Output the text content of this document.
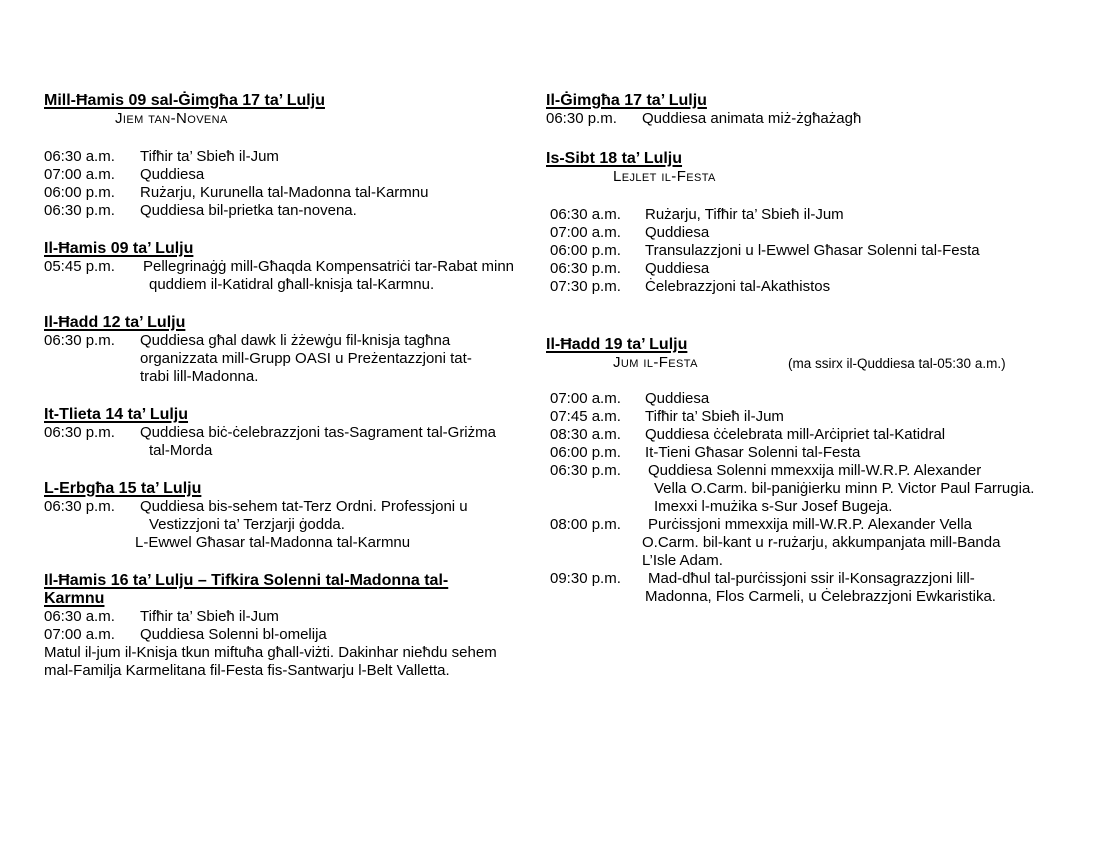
Mill-Ħamis 09 sal-Ġimgħa 17 ta’ Lulju
Jiem tan-Novena
06:30 a.m.	Tifħir ta’ Sbieħ il-Jum
07:00 a.m.	Quddiesa
06:00 p.m.	Rużarju, Kurunella tal-Madonna tal-Karmnu
06:30 p.m.	Quddiesa bil-prietka tan-novena.
Il-Ħamis 09 ta’ Lulju
05:45 p.m.	Pellegrinaġġ mill-Għaqda Kompensatriċi tar-Rabat minn
quddiem il-Katidral għall-knisja tal-Karmnu.
Il-Ħadd 12 ta’ Lulju
06:30 p.m.	Quddiesa għal dawk li żżewġu fil-knisja tagħna
organizzata mill-Grupp OASI u Preżentazzjoni tat-
trabi lill-Madonna.
It-Tlieta 14 ta’ Lulju
06:30 p.m.	Quddiesa biċ-ċelebrazzjoni tas-Sagrament tal-Griżma
tal-Morda
L-Erbgħa 15 ta’ Lulju
06:30 p.m.	Quddiesa bis-sehem tat-Terz Ordni. Professjoni u
Vestizzjoni ta’ Terzjarji ġodda.
L-Ewwel Għasar tal-Madonna tal-Karmnu
Il-Ħamis 16 ta’ Lulju – Tifkira Solenni tal-Madonna tal-
Karmnu
06:30 a.m.	Tifħir ta’ Sbieħ il-Jum
07:00 a.m.	Quddiesa Solenni bl-omelija
Matul il-jum il-Knisja tkun miftuħa għall-viżti. Dakinhar nieħdu sehem
mal-Familja Karmelitana fil-Festa fis-Santwarju l-Belt Valletta.
Il-Ġimgħa 17 ta’ Lulju
06:30 p.m.	Quddiesa animata miż-żgħażagħ
Is-Sibt 18 ta’ Lulju
Lejlet il-Festa
06:30 a.m.	Rużarju, Tifħir ta’ Sbieħ il-Jum
07:00 a.m.	Quddiesa
06:00 p.m.	Transulazzjoni u l-Ewwel Għasar Solenni tal-Festa
06:30 p.m.	Quddiesa
07:30 p.m.	Ċelebrazzjoni tal-Akathistos
Il-Ħadd 19 ta’ Lulju
Jum il-Festa	(ma ssirx il-Quddiesa tal-05:30 a.m.)
07:00 a.m.	Quddiesa
07:45 a.m.	Tifħir ta’ Sbieħ il-Jum
08:30 a.m.	Quddiesa ċċelebrata mill-Arċipriet tal-Katidral
06:00 p.m.	It-Tieni Għasar Solenni tal-Festa
06:30 p.m.	Quddiesa Solenni mmexxija mill-W.R.P. Alexander
Vella O.Carm. bil-paniġierku minn P. Victor Paul Farrugia.
Imexxi l-mużika s-Sur Josef Bugeja.
08:00 p.m.	Purċissjoni mmexxija mill-W.R.P. Alexander Vella
O.Carm. bil-kant u r-rużarju, akkumpanjata mill-Banda
L’Isle Adam.
09:30 p.m.	Mad-dħul tal-purċissjoni ssir il-Konsagrazzjoni lill-
Madonna, Flos Carmeli, u Ċelebrazzjoni Ewkaristika.
